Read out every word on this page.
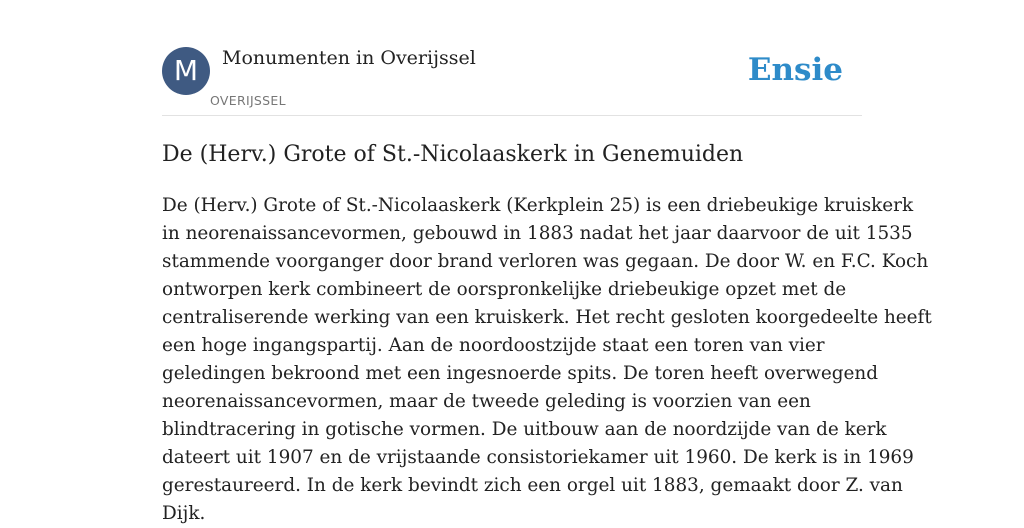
M	Monumenten in Overijssel
OVERIJSSEL
Ensie
De (Herv.) Grote of St.-Nicolaaskerk in Genemuiden

De (Herv.) Grote of St.-Nicolaaskerk (Kerkplein 25) is een driebeukige kruiskerk
in neorenaissancevormen, gebouwd in 1883 nadat het jaar daarvoor de uit 1535
stammende voorganger door brand verloren was gegaan. De door W. en F.C. Koch
ontworpen kerk combineert de oorspronkelijke driebeukige opzet met de
centraliserende werking van een kruiskerk. Het recht gesloten koorgedeelte heeft
een hoge ingangspartij. Aan de noordoostzijde staat een toren van vier
geledingen bekroond met een ingesnoerde spits. De toren heeft overwegend
neorenaissancevormen, maar de tweede geleding is voorzien van een
blindtracering in gotische vormen. De uitbouw aan de noordzijde van de kerk
dateert uit 1907 en de vrijstaande consistoriekamer uit 1960. De kerk is in 1969
gerestaureerd. In de kerk bevindt zich een orgel uit 1883, gemaakt door Z. van
Dijk.
